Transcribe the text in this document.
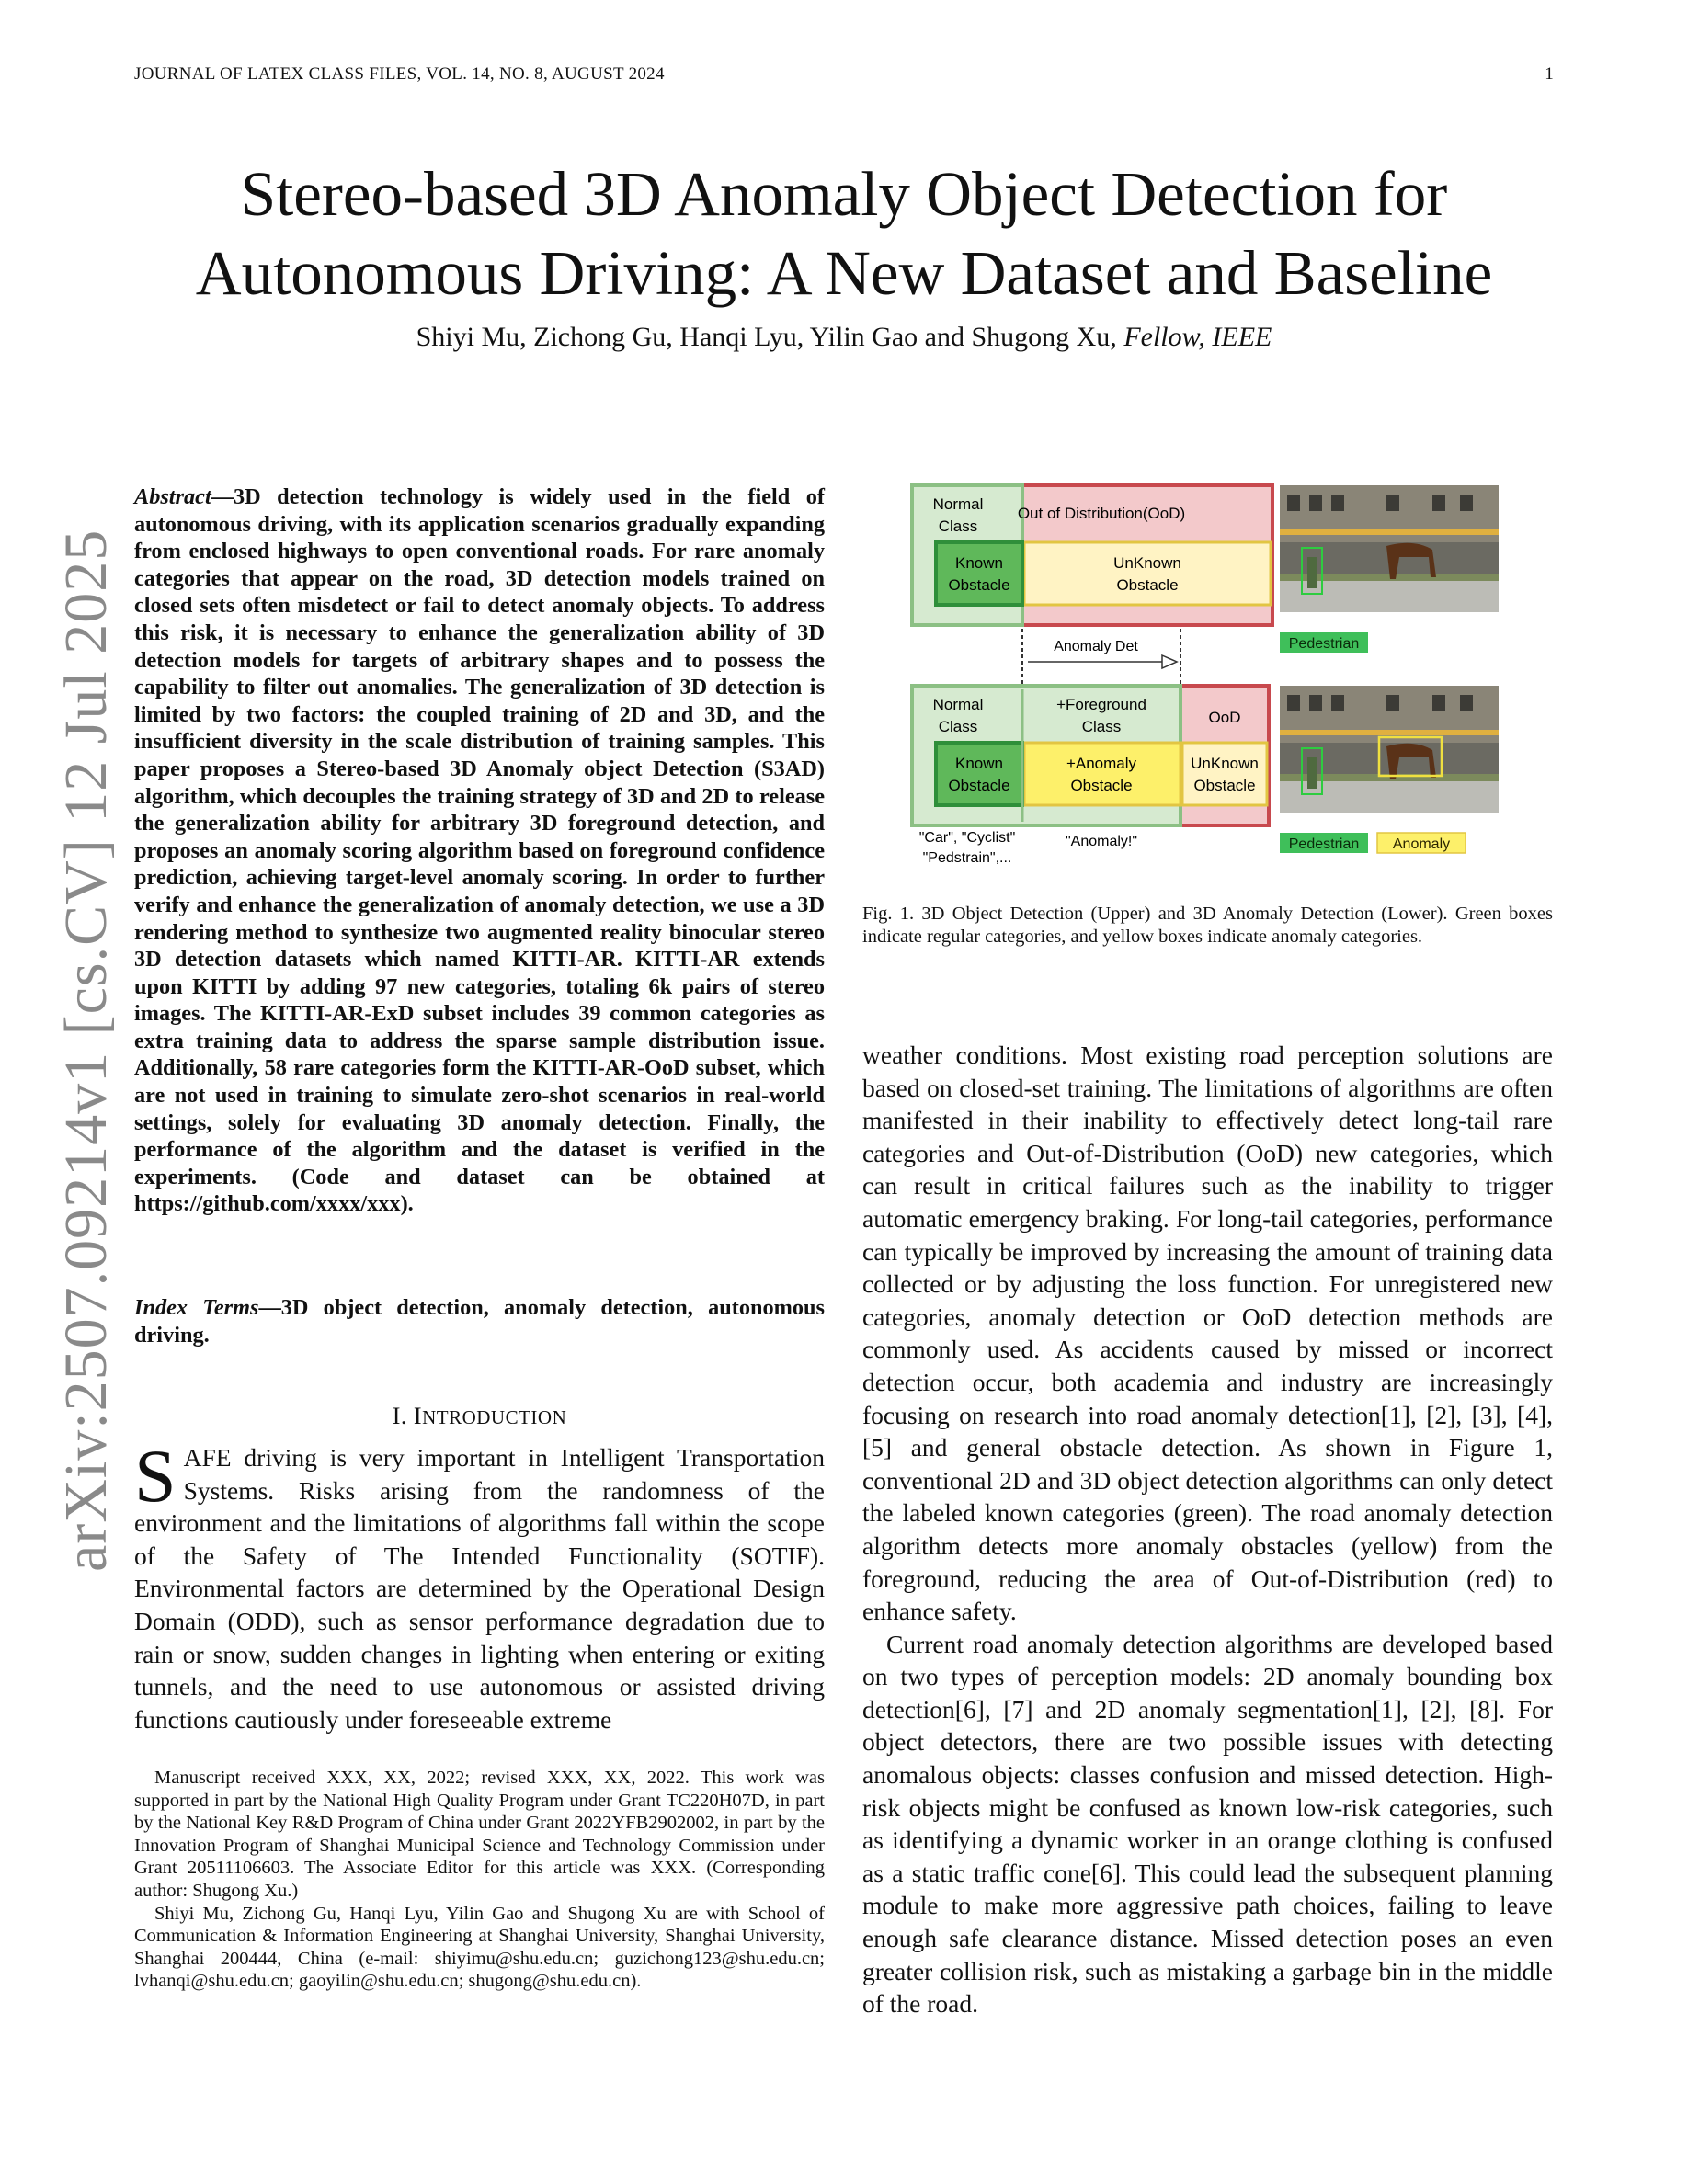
JOURNAL OF LATEX CLASS FILES, VOL. 14, NO. 8, AUGUST 2024	1
arXiv:2507.09214v1 [cs.CV] 12 Jul 2025
Stereo-based 3D Anomaly Object Detection for
Autonomous Driving: A New Dataset and Baseline
Shiyi Mu, Zichong Gu, Hanqi Lyu, Yilin Gao and Shugong Xu, Fellow, IEEE
Abstract—3D detection technology is widely used in the field of autonomous driving, with its application scenarios gradually expanding from enclosed highways to open conventional roads. For rare anomaly categories that appear on the road, 3D detection models trained on closed sets often misdetect or fail to detect anomaly objects. To address this risk, it is necessary to enhance the generalization ability of 3D detection models for targets of arbitrary shapes and to possess the capability to filter out anomalies. The generalization of 3D detection is limited by two factors: the coupled training of 2D and 3D, and the insufficient diversity in the scale distribution of training samples. This paper proposes a Stereo-based 3D Anomaly object Detection (S3AD) algorithm, which decouples the training strategy of 3D and 2D to release the generalization ability for arbitrary 3D foreground detection, and proposes an anomaly scoring algorithm based on foreground confidence prediction, achieving target-level anomaly scoring. In order to further verify and enhance the generalization of anomaly detection, we use a 3D rendering method to synthesize two augmented reality binocular stereo 3D detection datasets which named KITTI-AR. KITTI-AR extends upon KITTI by adding 97 new categories, totaling 6k pairs of stereo images. The KITTI-AR-ExD subset includes 39 common categories as extra training data to address the sparse sample distribution issue. Additionally, 58 rare categories form the KITTI-AR-OoD subset, which are not used in training to simulate zero-shot scenarios in real-world settings, solely for evaluating 3D anomaly detection. Finally, the performance of the algorithm and the dataset is verified in the experiments. (Code and dataset can be obtained at https://github.com/xxxx/xxx).
Index Terms—3D object detection, anomaly detection, autonomous driving.
I. INTRODUCTION
SAFE driving is very important in Intelligent Transportation Systems. Risks arising from the randomness of the environment and the limitations of algorithms fall within the scope of the Safety of The Intended Functionality (SOTIF). Environmental factors are determined by the Operational Design Domain (ODD), such as sensor performance degradation due to rain or snow, sudden changes in lighting when entering or exiting tunnels, and the need to use autonomous or assisted driving functions cautiously under foreseeable extreme

Manuscript received XXX, XX, 2022; revised XXX, XX, 2022. This work was supported in part by the National High Quality Program under Grant TC220H07D, in part by the National Key R&D Program of China under Grant 2022YFB2902002, in part by the Innovation Program of Shanghai Municipal Science and Technology Commission under Grant 20511106603. The Associate Editor for this article was XXX. (Corresponding author: Shugong Xu.)

Shiyi Mu, Zichong Gu, Hanqi Lyu, Yilin Gao and Shugong Xu are with School of Communication & Information Engineering at Shanghai University, Shanghai University, Shanghai 200444, China (e-mail: shiyimu@shu.edu.cn; guzichong123@shu.edu.cn; lvhanqi@shu.edu.cn; gaoyilin@shu.edu.cn; shugong@shu.edu.cn).

Normal
Class
Out of Distribution(OoD)
Known
Obstacle
UnKnown
Obstacle
Pedestrian
Anomaly Det
Normal
Class
+Foreground
Class
OoD
Known
Obstacle
+Anomaly
Obstacle
UnKnown
Obstacle
"Car", "Cyclist"
"Pedstrain",...
"Anomaly!"	Pedestrian Anomaly
Fig. 1. 3D Object Detection (Upper) and 3D Anomaly Detection (Lower). Green boxes indicate regular categories, and yellow boxes indicate anomaly categories.

weather conditions. Most existing road perception solutions are based on closed-set training. The limitations of algorithms are often manifested in their inability to effectively detect long-tail rare categories and Out-of-Distribution (OoD) new categories, which can result in critical failures such as the inability to trigger automatic emergency braking. For long-tail categories, performance can typically be improved by increasing the amount of training data collected or by adjusting the loss function. For unregistered new categories, anomaly detection or OoD detection methods are commonly used. As accidents caused by missed or incorrect detection occur, both academia and industry are increasingly focusing on research into road anomaly detection[1], [2], [3], [4], [5] and general obstacle detection. As shown in Figure 1, conventional 2D and 3D object detection algorithms can only detect the labeled known categories (green). The road anomaly detection algorithm detects more anomaly obstacles (yellow) from the foreground, reducing the area of Out-of-Distribution (red) to enhance safety.

Current road anomaly detection algorithms are developed based on two types of perception models: 2D anomaly bounding box detection[6], [7] and 2D anomaly segmentation[1], [2], [8]. For object detectors, there are two possible issues with detecting anomalous objects: classes confusion and missed detection. High-risk objects might be confused as known low-risk categories, such as identifying a dynamic worker in an orange clothing is confused as a static traffic cone[6]. This could lead the subsequent planning module to make more aggressive path choices, failing to leave enough safe clearance distance. Missed detection poses an even greater collision risk, such as mistaking a garbage bin in the middle of the road.
